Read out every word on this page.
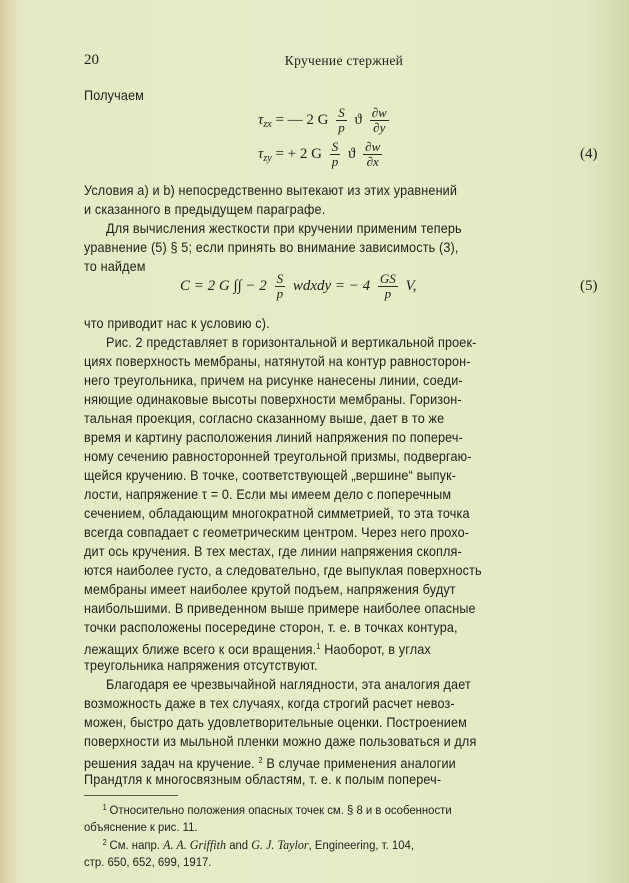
20	Кручение стержней
Получаем
$\tau_{zx}$ = — 2 G $\frac{S}{p}$ ϑ $\frac{\partial w}{\partial y}$
$\tau_{zy}$ = + 2 G $\frac{S}{p}$ ϑ $\frac{\partial w}{\partial x}$	(4)
Условия a) и b) непосредственно вытекают из этих уравнений
и сказанного в предыдущем параграфе.
Для вычисления жесткости при кручении применим теперь
уравнение (5) § 5; если принять во внимание зависимость (3),
то найдем
C = 2 G ∫∫ − $2 \frac{S}{p}$ wdxdy = − $4 \frac{GS}{p} V$,	(5)
что приводит нас к условию c).
Рис. 2 представляет в горизонтальной и вертикальной проек-
циях поверхность мембраны, натянутой на контур равносторон-
него треугольника, причем на рисунке нанесены линии, соеди-
няющие одинаковые высоты поверхности мембраны. Горизон-
тальная проекция, согласно сказанному выше, дает в то же
время и картину расположения линий напряжения по попереч-
ному сечению равносторонней треугольной призмы, подвергаю-
щейся кручению. В точке, соответствующей „вершине“ выпук-
лости, напряжение τ = 0. Если мы имеем дело с поперечным
сечением, обладающим многократной симметрией, то эта точка
всегда совпадает с геометрическим центром. Через него прохо-
дит ось кручения. В тех местах, где линии напряжения скопля-
ются наиболее густо, а следовательно, где выпуклая поверхность
мембраны имеет наиболее крутой подъем, напряжения будут
наибольшими. В приведенном выше примере наиболее опасные
точки расположены посередине сторон, т. е. в точках контура,
лежащих ближе всего к оси вращения.$^1$ Наоборот, в углах
треугольника напряжения отсутствуют.
Благодаря ее чрезвычайной наглядности, эта аналогия дает
возможность даже в тех случаях, когда строгий расчет невоз-
можен, быстро дать удовлетворительные оценки. Построением
поверхности из мыльной пленки можно даже пользоваться и для
решения задач на кручение. $^2$ В случае применения аналогии
Прандтля к многосвязным областям, т. е. к полым попереч-

$^1$ Относительно положения опасных точек см. § 8 и в особенности

объяснение к рис. 11.

$^2$ См. напр. A. A. Griffith and G. J. Taylor, Engineering, т. 104,

стр. 650, 652, 699, 1917.
